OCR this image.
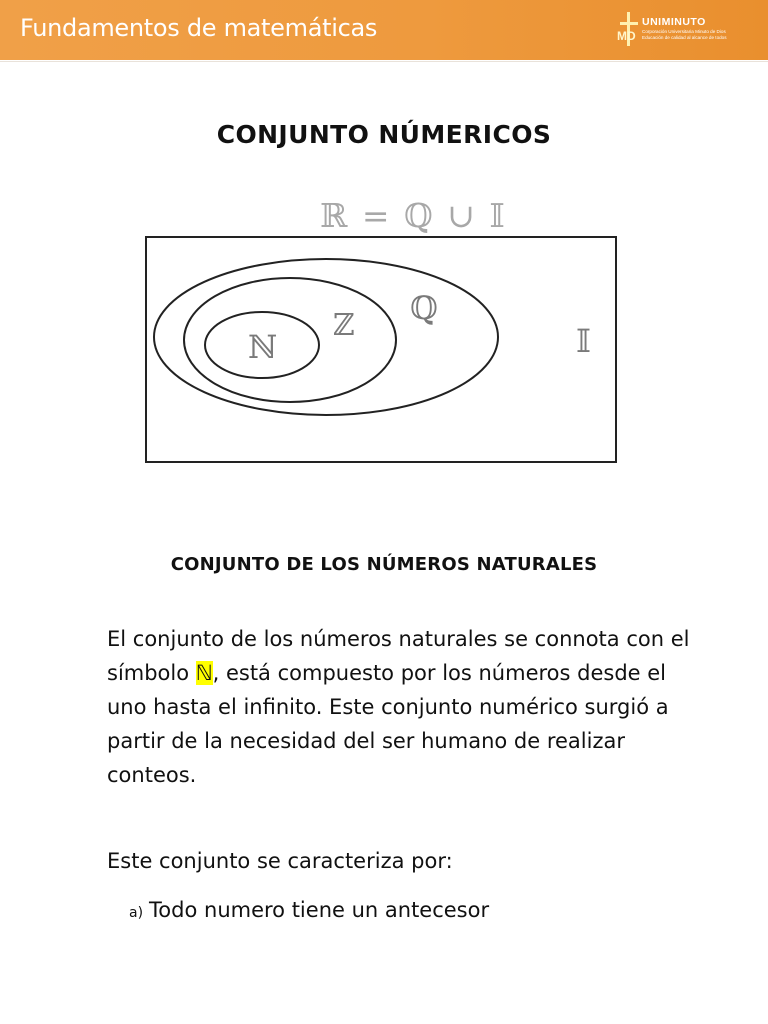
Fundamentos de matemáticas	MD
UNIMINUTO
Corporación Universitaria Minuto de Dios
Educación de calidad al alcance de todos
CONJUNTO NÚMERICOS
ℝ = ℚ ∪ 𝕀
ℕ
ℤ ℚ
𝕀
CONJUNTO DE LOS NÚMEROS NATURALES
El conjunto de los números naturales se connota con el símbolo ℕ, está compuesto por los números desde el uno hasta el infinito. Este conjunto numérico surgió a partir de la necesidad del ser humano de realizar conteos.
Este conjunto se caracteriza por:
a) Todo numero tiene un antecesor
